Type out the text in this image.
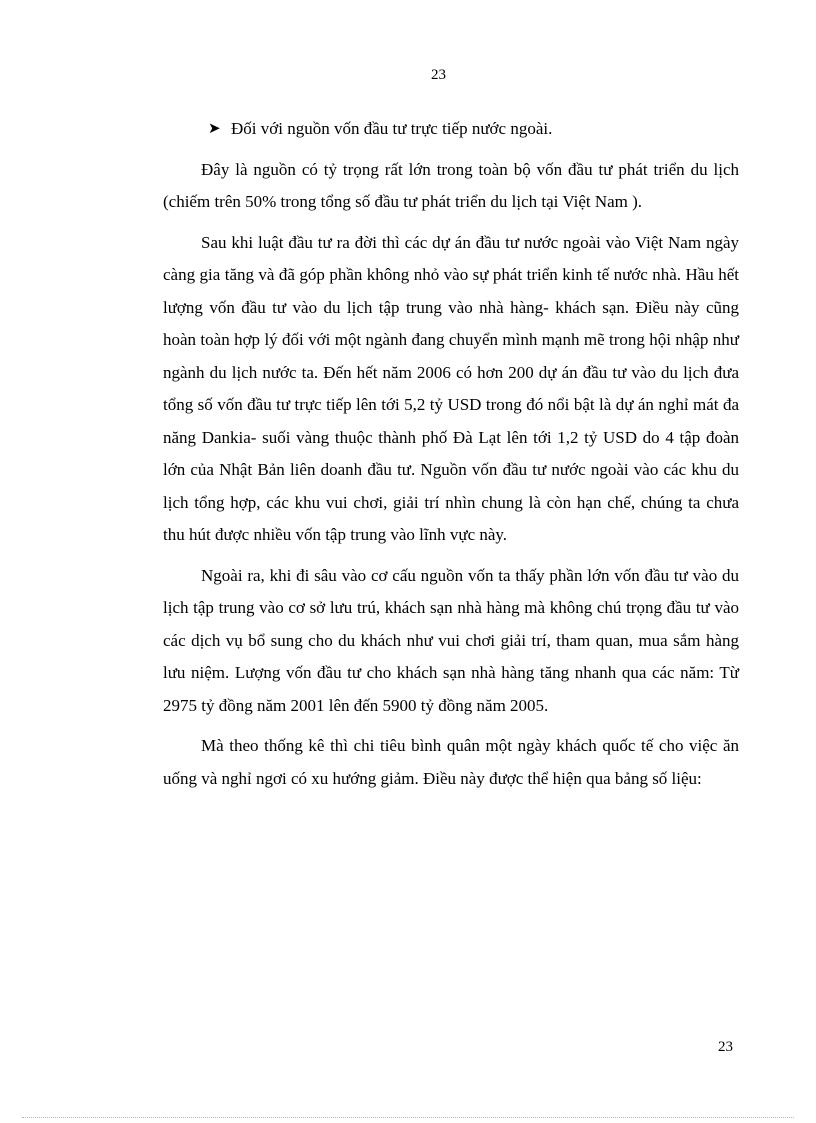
23
➤ Đối với nguồn vốn đầu tư trực tiếp nước ngoài.

Đây là nguồn có tỷ trọng rất lớn trong toàn bộ vốn đầu tư phát triển du lịch (chiếm trên 50% trong tổng số đầu tư phát triển du lịch tại Việt Nam ).

Sau khi luật đầu tư ra đời thì các dự án đầu tư nước ngoài vào Việt Nam ngày càng gia tăng và đã góp phần không nhỏ vào sự phát triển kinh tế nước nhà. Hầu hết lượng vốn đầu tư vào du lịch tập trung vào nhà hàng- khách sạn. Điều này cũng hoàn toàn hợp lý đối với một ngành đang chuyển mình mạnh mẽ trong hội nhập như ngành du lịch nước ta. Đến hết năm 2006 có hơn 200 dự án đầu tư vào du lịch đưa tổng số vốn đầu tư trực tiếp lên tới 5,2 tỷ USD trong đó nổi bật là dự án nghỉ mát đa năng Dankia- suối vàng thuộc thành phố Đà Lạt lên tới 1,2 tỷ USD do 4 tập đoàn lớn của Nhật Bản liên doanh đầu tư. Nguồn vốn đầu tư nước ngoài vào các khu du lịch tổng hợp, các khu vui chơi, giải trí nhìn chung là còn hạn chế, chúng ta chưa thu hút được nhiều vốn tập trung vào lĩnh vực này.

Ngoài ra, khi đi sâu vào cơ cấu nguồn vốn ta thấy phần lớn vốn đầu tư vào du lịch tập trung vào cơ sở lưu trú, khách sạn nhà hàng mà không chú trọng đầu tư vào các dịch vụ bổ sung cho du khách như vui chơi giải trí, tham quan, mua sắm hàng lưu niệm. Lượng vốn đầu tư cho khách sạn nhà hàng tăng nhanh qua các năm: Từ 2975 tỷ đồng năm 2001 lên đến 5900 tỷ đồng năm 2005.

Mà theo thống kê thì chi tiêu bình quân một ngày khách quốc tế cho việc ăn uống và nghỉ ngơi có xu hướng giảm. Điều này được thể hiện qua bảng số liệu:

23
